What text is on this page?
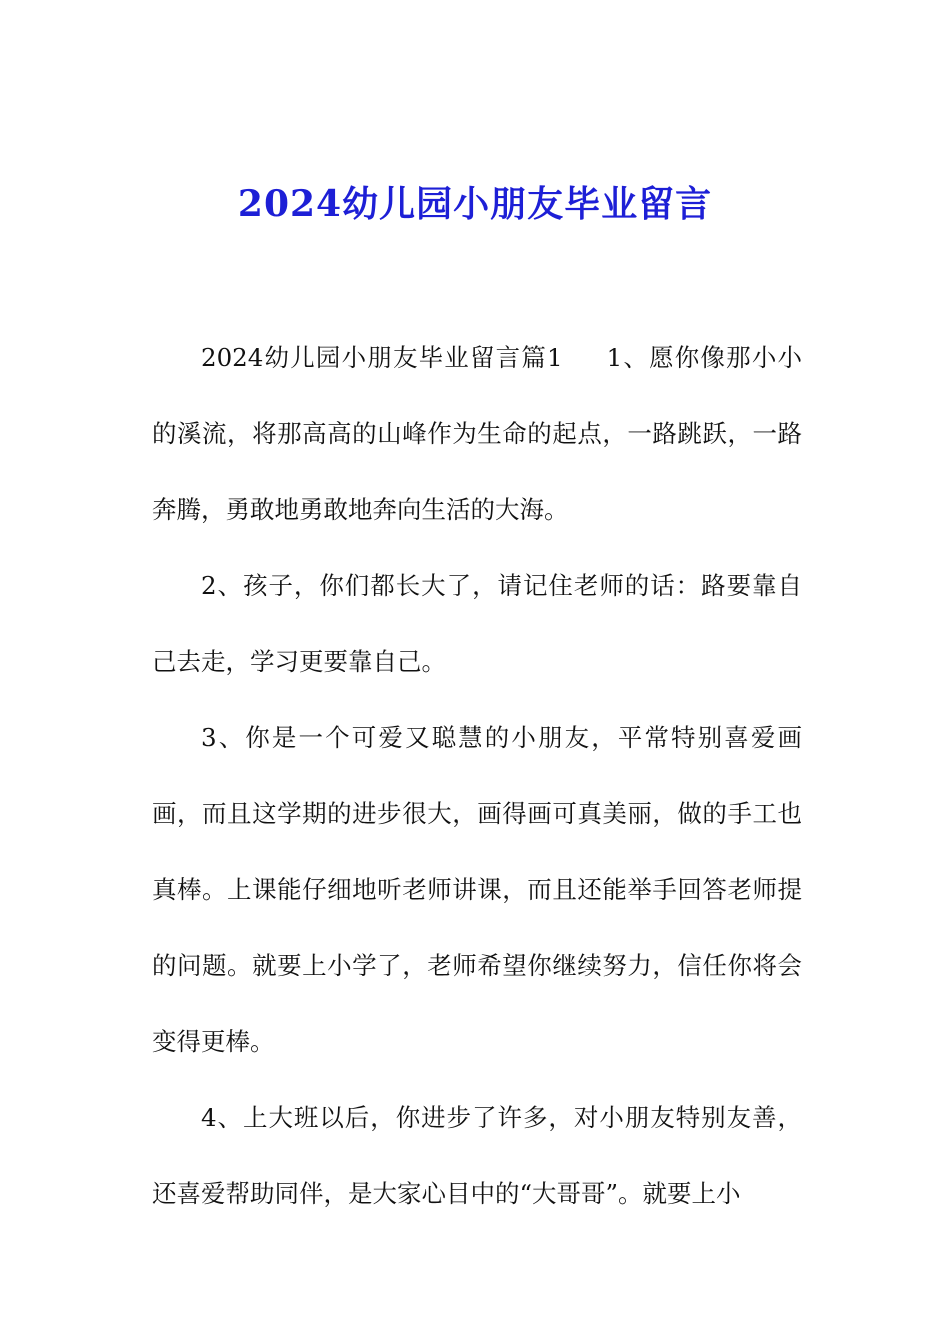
2024幼儿园小朋友毕业留言

2024幼儿园小朋友毕业留言篇1 1、愿你像那小小的溪流，将那高高的山峰作为生命的起点，一路跳跃，一路奔腾，勇敢地勇敢地奔向生活的大海。

2、孩子，你们都长大了，请记住老师的话：路要靠自己去走，学习更要靠自己。

3、你是一个可爱又聪慧的小朋友，平常特别喜爱画画，而且这学期的进步很大，画得画可真美丽，做的手工也真棒。上课能仔细地听老师讲课，而且还能举手回答老师提的问题。就要上小学了，老师希望你继续努力，信任你将会变得更棒。

4、上大班以后，你进步了许多，对小朋友特别友善，还喜爱帮助同伴，是大家心目中的“大哥哥”。就要上小
